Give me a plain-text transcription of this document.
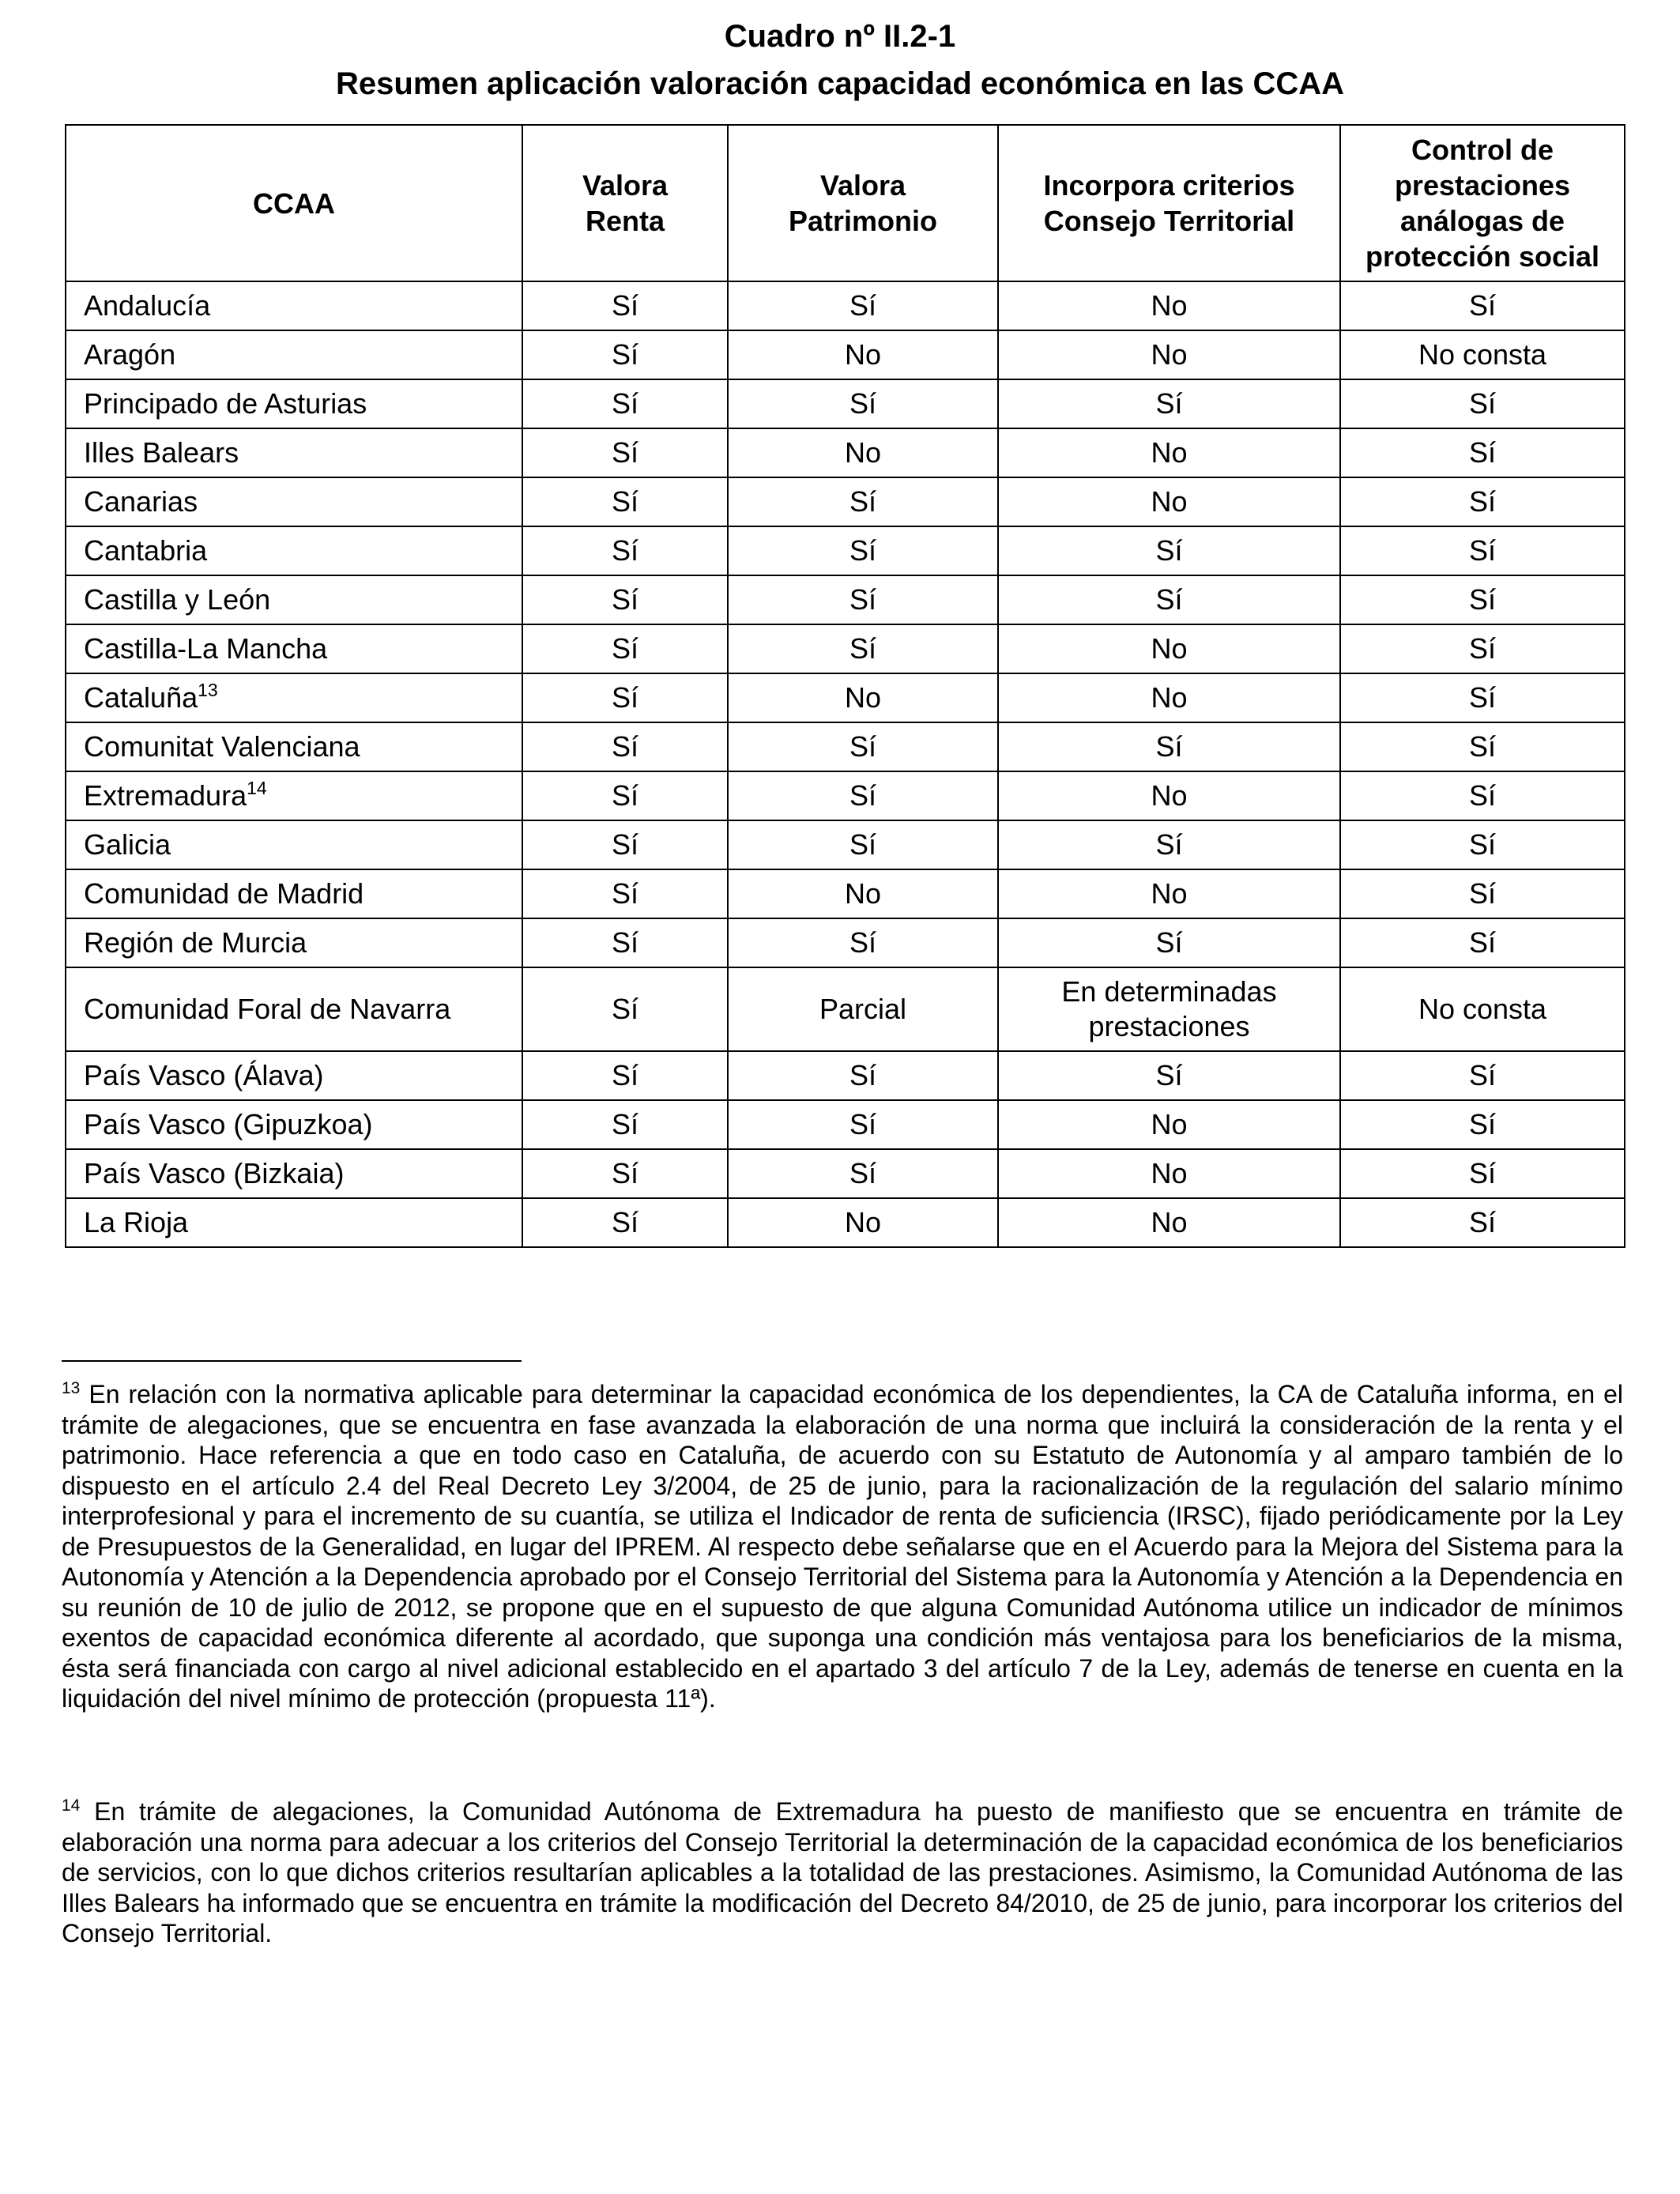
Cuadro nº II.2-1
Resumen aplicación valoración capacidad económica en las CCAA
CCAA	Valora Renta	Valora Patrimonio	Incorpora criterios Consejo Territorial	Control de prestaciones análogas de protección social
Andalucía	Sí	Sí	No	Sí
Aragón	Sí	No	No	No consta
Principado de Asturias	Sí	Sí	Sí	Sí
Illes Balears	Sí	No	No	Sí
Canarias	Sí	Sí	No	Sí
Cantabria	Sí	Sí	Sí	Sí
Castilla y León	Sí	Sí	Sí	Sí
Castilla-La Mancha	Sí	Sí	No	Sí
Cataluña$^{13}$	Sí	No	No	Sí
Comunitat Valenciana	Sí	Sí	Sí	Sí
Extremadura$^{14}$	Sí	Sí	No	Sí
Galicia	Sí	Sí	Sí	Sí
Comunidad de Madrid	Sí	No	No	Sí
Región de Murcia	Sí	Sí	Sí	Sí
Comunidad Foral de Navarra	Sí	Parcial	En determinadas prestaciones	No consta
País Vasco (Álava)	Sí	Sí	Sí	Sí
País Vasco (Gipuzkoa)	Sí	Sí	No	Sí
País Vasco (Bizkaia)	Sí	Sí	No	Sí
La Rioja	Sí	No	No	Sí
$^{13}$ En relación con la normativa aplicable para determinar la capacidad económica de los dependientes, la CA de Cataluña informa, en el trámite de alegaciones, que se encuentra en fase avanzada la elaboración de una norma que incluirá la consideración de la renta y el patrimonio. Hace referencia a que en todo caso en Cataluña, de acuerdo con su Estatuto de Autonomía y al amparo también de lo dispuesto en el artículo 2.4 del Real Decreto Ley 3/2004, de 25 de junio, para la racionalización de la regulación del salario mínimo interprofesional y para el incremento de su cuantía, se utiliza el Indicador de renta de suficiencia (IRSC), fijado periódicamente por la Ley de Presupuestos de la Generalidad, en lugar del IPREM. Al respecto debe señalarse que en el Acuerdo para la Mejora del Sistema para la Autonomía y Atención a la Dependencia aprobado por el Consejo Territorial del Sistema para la Autonomía y Atención a la Dependencia en su reunión de 10 de julio de 2012, se propone que en el supuesto de que alguna Comunidad Autónoma utilice un indicador de mínimos exentos de capacidad económica diferente al acordado, que suponga una condición más ventajosa para los beneficiarios de la misma, ésta será financiada con cargo al nivel adicional establecido en el apartado 3 del artículo 7 de la Ley, además de tenerse en cuenta en la liquidación del nivel mínimo de protección (propuesta 11ª).
$^{14}$ En trámite de alegaciones, la Comunidad Autónoma de Extremadura ha puesto de manifiesto que se encuentra en trámite de elaboración una norma para adecuar a los criterios del Consejo Territorial la determinación de la capacidad económica de los beneficiarios de servicios, con lo que dichos criterios resultarían aplicables a la totalidad de las prestaciones. Asimismo, la Comunidad Autónoma de las Illes Balears ha informado que se encuentra en trámite la modificación del Decreto 84/2010, de 25 de junio, para incorporar los criterios del Consejo Territorial.
